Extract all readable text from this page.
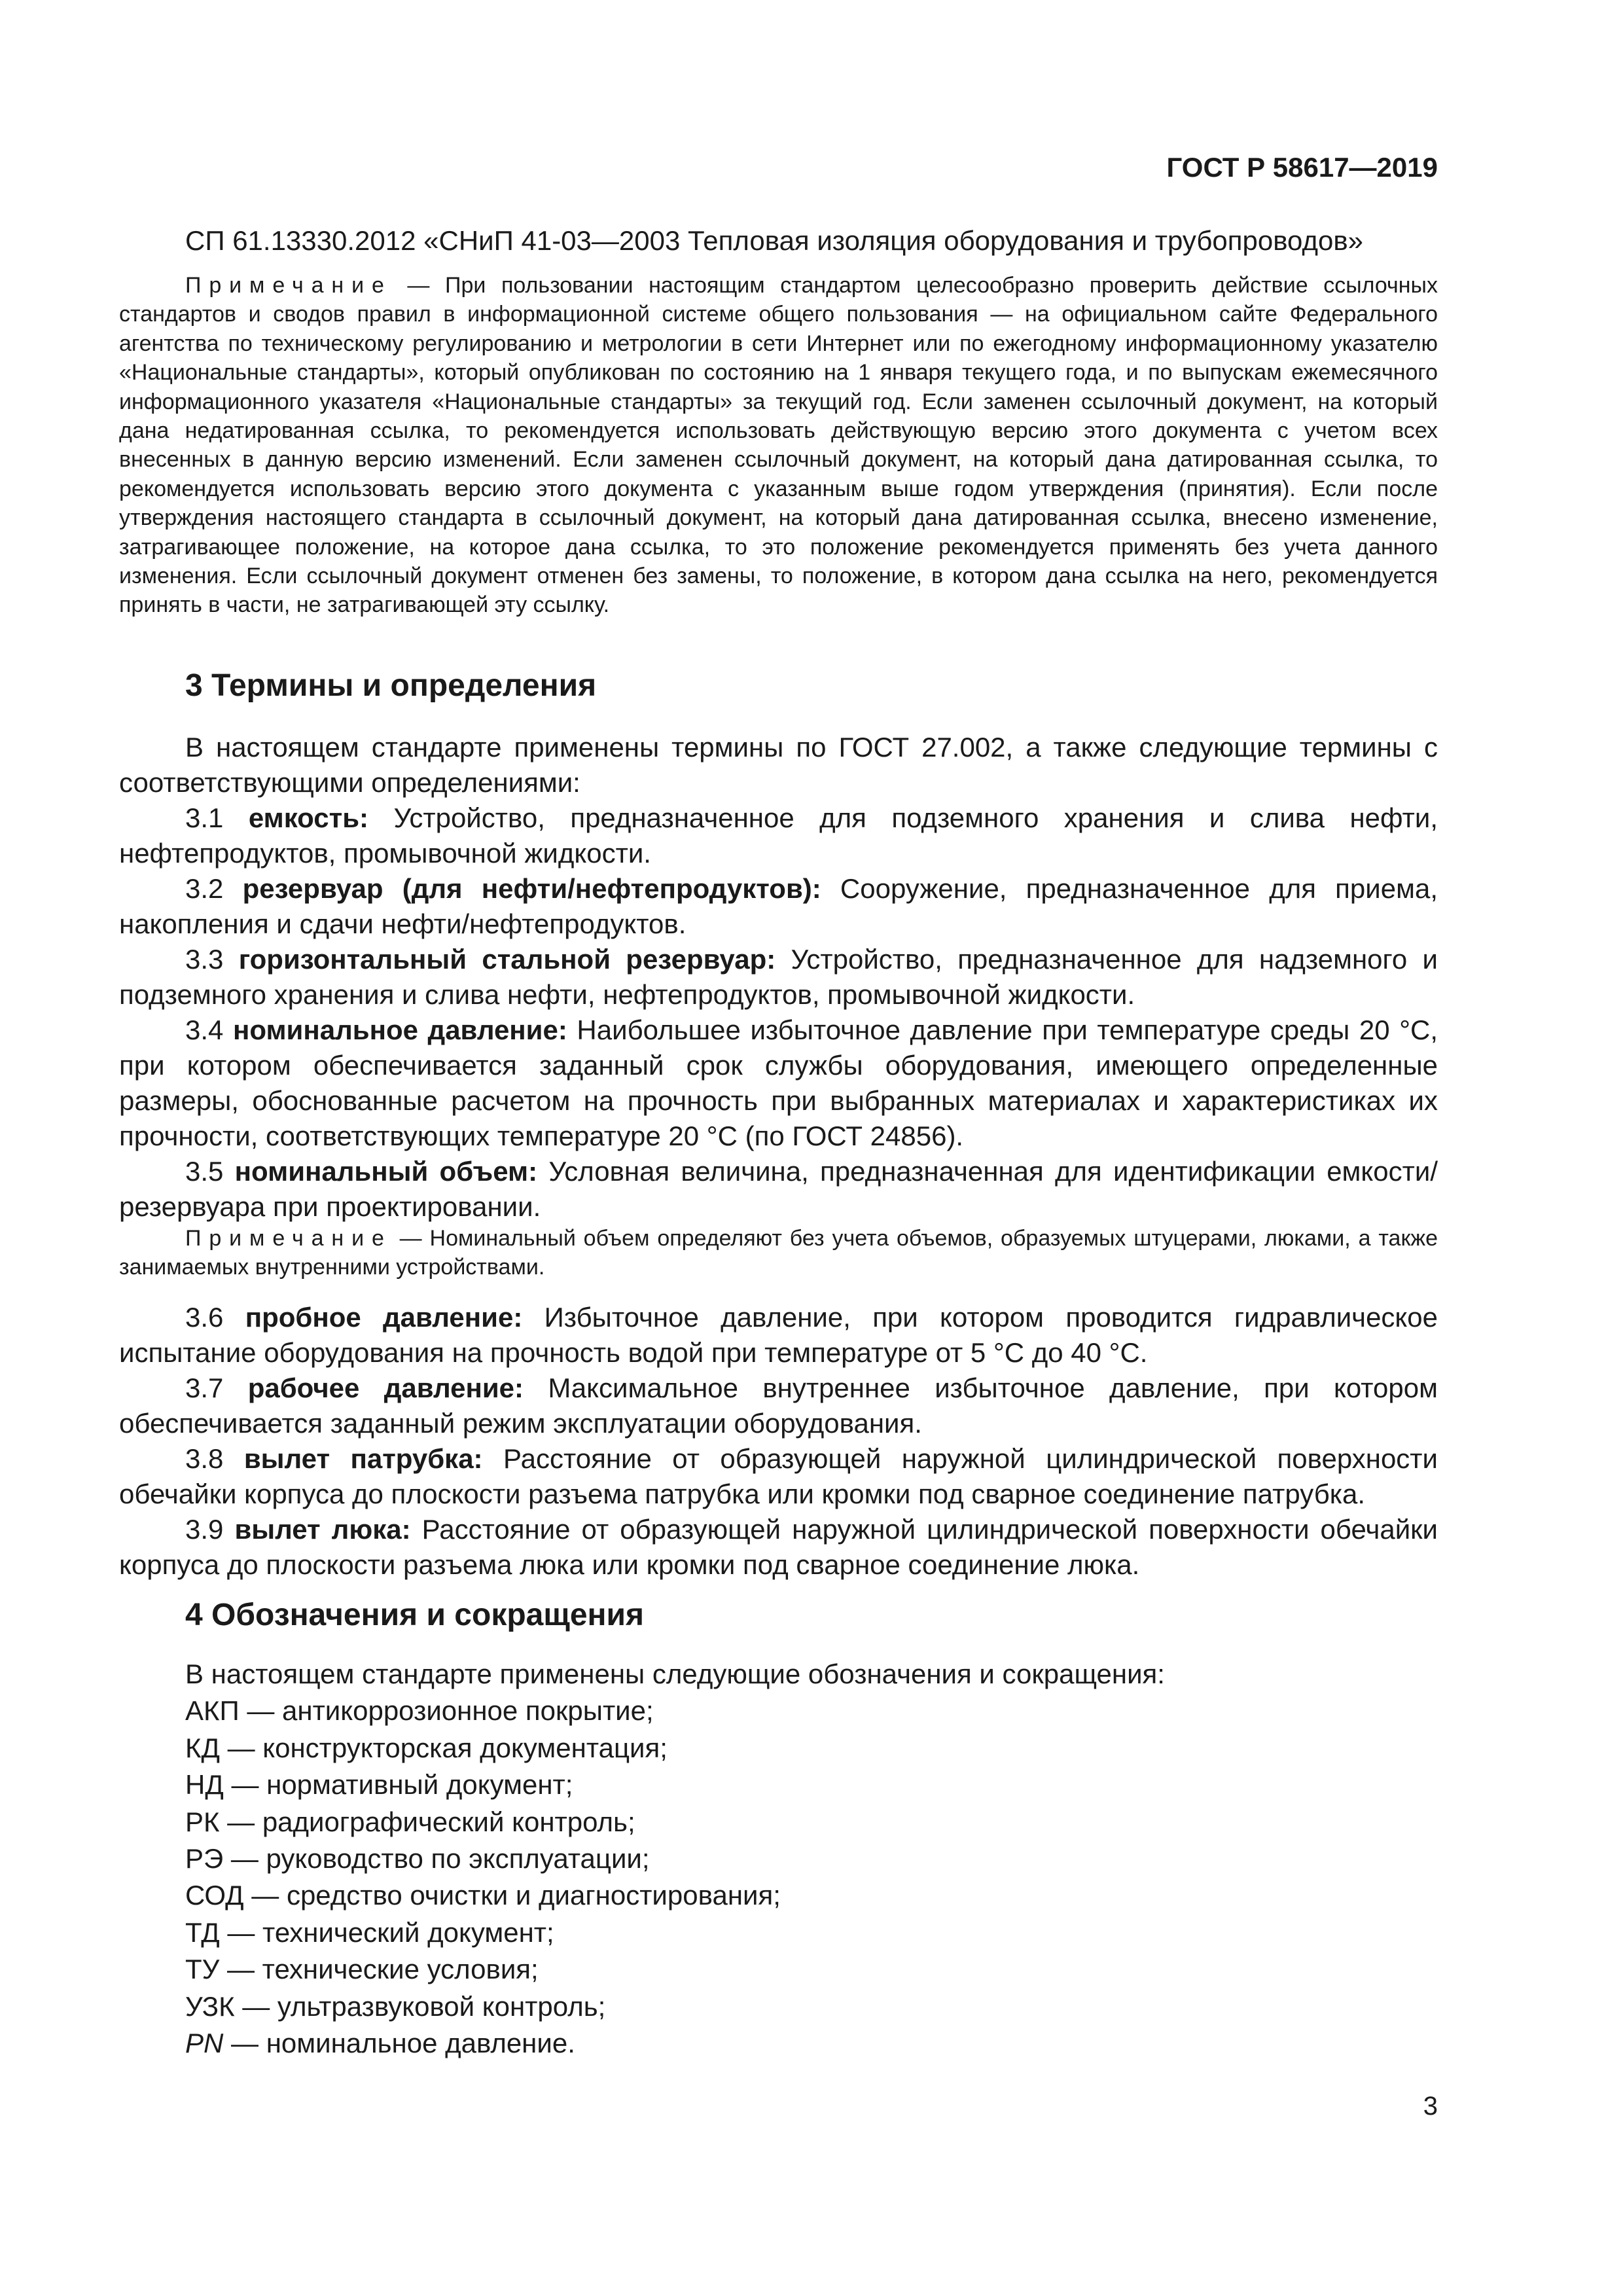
ГОСТ Р 58617—2019
СП 61.13330.2012 «СНиП 41-03—2003 Тепловая изоляция оборудования и трубопроводов»

Примечание — При пользовании настоящим стандартом целесообразно проверить действие ссылочных стандартов и сводов правил в информационной системе общего пользования — на официальном сайте Федерального агентства по техническому регулированию и метрологии в сети Интернет или по ежегодному информационному указателю «Национальные стандарты», который опубликован по состоянию на 1 января текущего года, и по выпускам ежемесячного информационного указателя «Национальные стандарты» за текущий год. Если заменен ссылочный документ, на который дана недатированная ссылка, то рекомендуется использовать действующую версию этого документа с учетом всех внесенных в данную версию изменений. Если заменен ссылочный документ, на который дана датированная ссылка, то рекомендуется использовать версию этого документа с указанным выше годом утверждения (принятия). Если после утверждения настоящего стандарта в ссылочный документ, на который дана датированная ссылка, внесено изменение, затрагивающее положение, на которое дана ссылка, то это положение рекомендуется применять без учета данного изменения. Если ссылочный документ отменен без замены, то положение, в котором дана ссылка на него, рекомендуется принять в части, не затрагивающей эту ссылку.

3 Термины и определения

В настоящем стандарте применены термины по ГОСТ 27.002, а также следующие термины с соответствующими определениями:

3.1 емкость: Устройство, предназначенное для подземного хранения и слива нефти, нефтепродуктов, промывочной жидкости.

3.2 резервуар (для нефти/нефтепродуктов): Сооружение, предназначенное для приема, накопления и сдачи нефти/нефтепродуктов.

3.3 горизонтальный стальной резервуар: Устройство, предназначенное для надземного и подземного хранения и слива нефти, нефтепродуктов, промывочной жидкости.

3.4 номинальное давление: Наибольшее избыточное давление при температуре среды 20 °С, при котором обеспечивается заданный срок службы оборудования, имеющего определенные размеры, обоснованные расчетом на прочность при выбранных материалах и характеристиках их прочности, соответствующих температуре 20 °С (по ГОСТ 24856).

3.5 номинальный объем: Условная величина, предназначенная для идентификации емкости/резервуара при проектировании.

Примечание — Номинальный объем определяют без учета объемов, образуемых штуцерами, люками, а также занимаемых внутренними устройствами.

3.6 пробное давление: Избыточное давление, при котором проводится гидравлическое испытание оборудования на прочность водой при температуре от 5 °С до 40 °С.

3.7 рабочее давление: Максимальное внутреннее избыточное давление, при котором обеспечивается заданный режим эксплуатации оборудования.

3.8 вылет патрубка: Расстояние от образующей наружной цилиндрической поверхности обечайки корпуса до плоскости разъема патрубка или кромки под сварное соединение патрубка.

3.9 вылет люка: Расстояние от образующей наружной цилиндрической поверхности обечайки корпуса до плоскости разъема люка или кромки под сварное соединение люка.

4 Обозначения и сокращения

В настоящем стандарте применены следующие обозначения и сокращения:

АКП — антикоррозионное покрытие;

КД — конструкторская документация;

НД — нормативный документ;

РК — радиографический контроль;

РЭ — руководство по эксплуатации;

СОД — средство очистки и диагностирования;

ТД — технический документ;

ТУ — технические условия;

УЗК — ультразвуковой контроль;

PN — номинальное давление.

3
